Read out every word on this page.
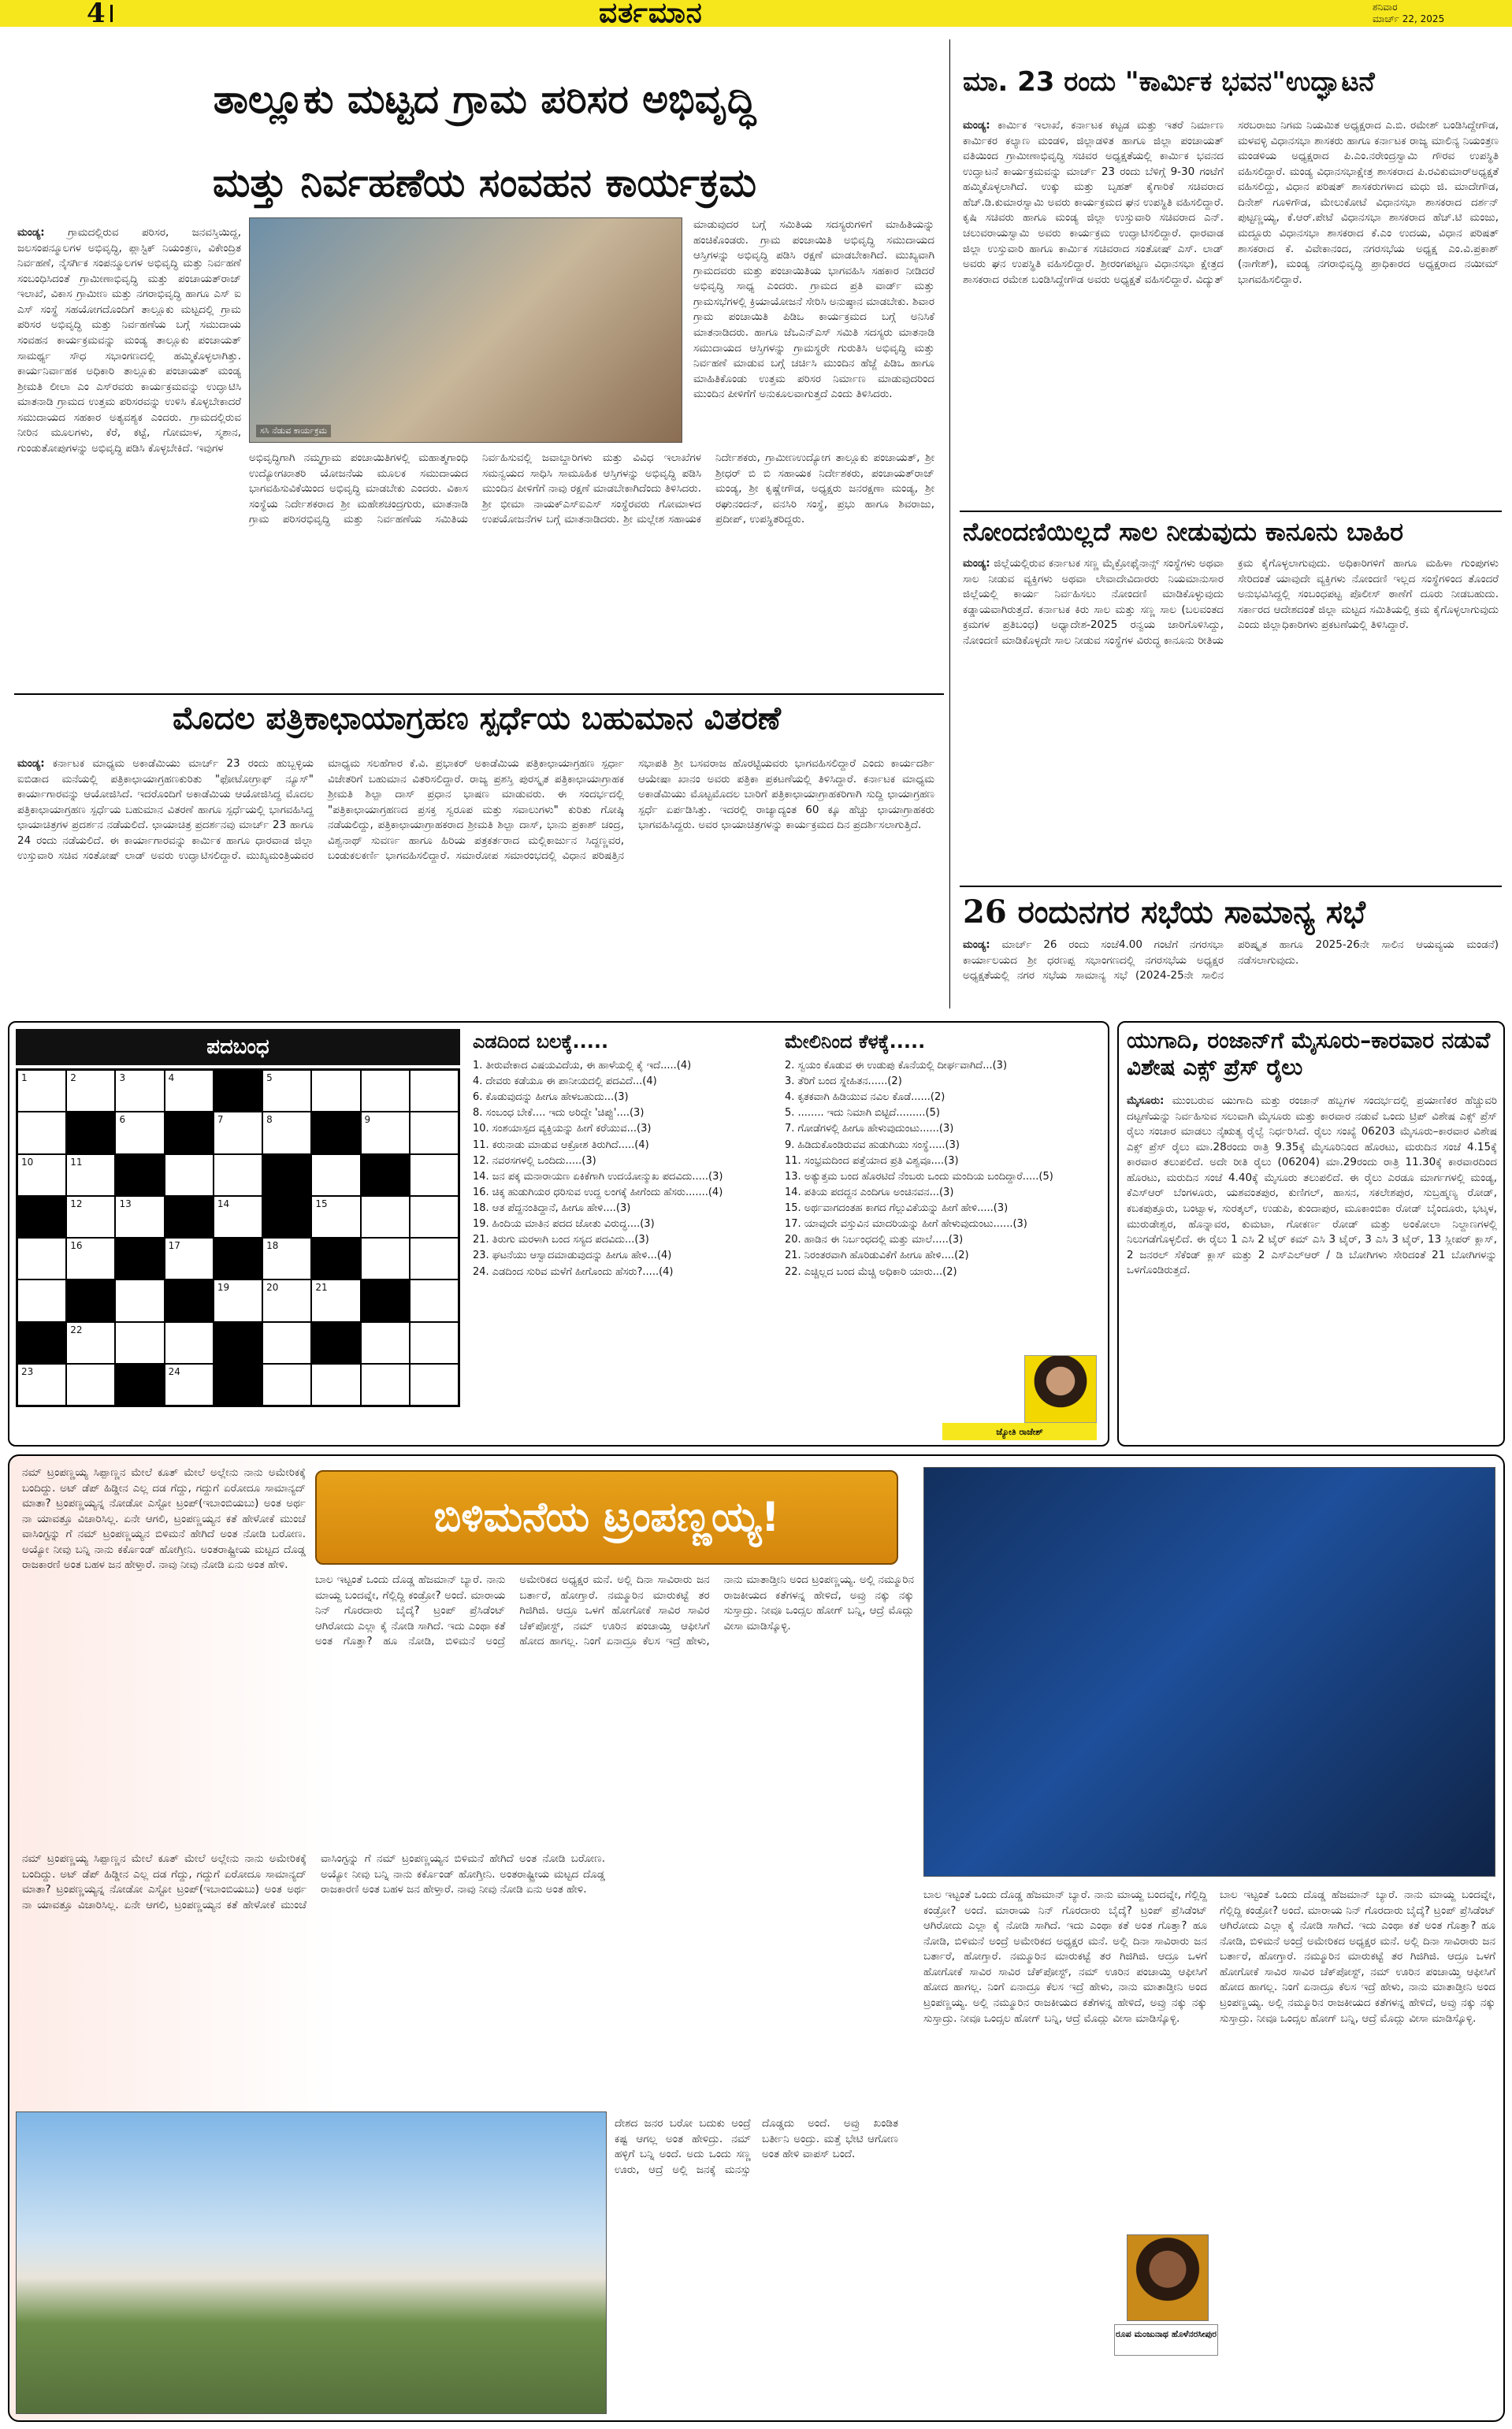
4	ವರ್ತಮಾನ	ಶನಿವಾರ
ಮಾರ್ಚ್ 22, 2025
ತಾಲ್ಲೂಕು ಮಟ್ಟದ ಗ್ರಾಮ ಪರಿಸರ ಅಭಿವೃದ್ಧಿ
ಮತ್ತು ನಿರ್ವಹಣೆಯ ಸಂವಹನ ಕಾರ್ಯಕ್ರಮ
ಮಂಡ್ಯ: ಗ್ರಾಮದಲ್ಲಿರುವ ಪರಿಸರ, ಜನವಸ್ತಿಯಿದ್ದ, ಜಲಸಂಪನ್ಮೂಲಗಳ ಅಭಿವೃದ್ಧಿ, ಪ್ಲಾಸ್ಟಿಕ್ ನಿಯಂತ್ರಣ, ವಿಕೇಂದ್ರಿತ ನಿರ್ವಹಣೆ, ನೈಸರ್ಗಿಕ ಸಂಪನ್ಮೂಲಗಳ ಅಭಿವೃದ್ಧಿ ಮತ್ತು ನಿರ್ವಹಣೆ ಸಂಬಂಧಿಸಿದಂತೆ ಗ್ರಾಮೀಣಾಭಿವೃದ್ಧಿ ಮತ್ತು ಪಂಚಾಯತ್‌ರಾಜ್ ಇಲಾಖೆ, ವಿಕಾಸ ಗ್ರಾಮೀಣ ಮತ್ತು ನಗರಾಭಿವೃದ್ಧಿ ಹಾಗೂ ಎಸ್ ಐ ಎಸ್ ಸಂಸ್ಥೆ ಸಹಯೋಗದೊಂದಿಗೆ ತಾಲ್ಲೂಕು ಮಟ್ಟದಲ್ಲಿ ಗ್ರಾಮ ಪರಿಸರ ಅಭಿವೃದ್ಧಿ ಮತ್ತು ನಿರ್ವಹಣೆಯ ಬಗ್ಗೆ ಸಮುದಾಯ ಸಂವಹನ ಕಾರ್ಯಕ್ರಮವನ್ನು ಮಂಡ್ಯ ತಾಲ್ಲೂಕು ಪಂಚಾಯತ್ ಸಾಮರ್ಥ್ಯ ಸೌಧ ಸಭಾಂಗಣದಲ್ಲಿ ಹಮ್ಮಿಕೊಳ್ಳಲಾಗಿತ್ತು. ಕಾರ್ಯನಿರ್ವಾಹಕ ಅಧಿಕಾರಿ ತಾಲ್ಲೂಕು ಪಂಚಾಯತ್ ಮಂಡ್ಯ ಶ್ರೀಮತಿ ಲೀಲಾ ಎಂ ಎಸ್‌ರವರು ಕಾರ್ಯಕ್ರಮವನ್ನು ಉದ್ಘಾಟಿಸಿ ಮಾತನಾಡಿ ಗ್ರಾಮದ ಉತ್ತಮ ಪರಿಸರವನ್ನು ಉಳಿಸಿ ಕೊಳ್ಳಬೇಕಾದರೆ ಸಮುದಾಯದ ಸಹಕಾರ ಅತ್ಯವಶ್ಯಕ ಎಂದರು. ಗ್ರಾಮದಲ್ಲಿರುವ ನೀರಿನ ಮೂಲಗಳು, ಕೆರೆ, ಕಟ್ಟೆ, ಗೋಮಾಳ, ಸ್ಮಶಾನ, ಗುಂಡುತೋಪುಗಳನ್ನು ಅಭಿವೃದ್ಧಿ ಪಡಿಸಿ ಕೊಳ್ಳಬೇಕಿದೆ. ಇವುಗಳ
ಸಸಿ ನೆಡುವ ಕಾರ್ಯಕ್ರಮ
ಅಭಿವೃದ್ಧಿಗಾಗಿ ನಮ್ಮಗ್ರಾಮ ಪಂಚಾಯಿತಿಗಳಲ್ಲಿ ಮಹಾತ್ಮಗಾಂಧಿ ಉದ್ಯೋಗಖಾತರಿ ಯೋಜನೆಯ ಮೂಲಕ ಸಮುದಾಯದ ಭಾಗವಹಿಸುವಿಕೆಯಿಂದ ಅಭಿವೃದ್ಧಿ ಮಾಡಬೇಕು ಎಂದರು. ವಿಕಾಸ ಸಂಸ್ಥೆಯ ನಿರ್ದೇಶಕರಾದ ಶ್ರೀ ಮಹೇಶಚಂದ್ರಗುರು, ಮಾತನಾಡಿ ಗ್ರಾಮ ಪರಿಸರಭಿವೃದ್ಧಿ ಮತ್ತು ನಿರ್ವಹಣೆಯ ಸಮಿತಿಯ ನಿರ್ವಹಿಸುವಲ್ಲಿ ಜವಾಬ್ದಾರಿಗಳು ಮತ್ತು ವಿವಿಧ ಇಲಾಖೆಗಳ ಸಮನ್ವಯದ ಸಾಧಿಸಿ ಸಾಮೂಹಿಕ ಆಸ್ತಿಗಳನ್ನು ಅಭಿವೃದ್ಧಿ ಪಡಿಸಿ ಮುಂದಿನ ಪೀಳಿಗೆಗೆ ನಾವು ರಕ್ಷಣೆ ಮಾಡಬೇಕಾಗಿದೆಂದು ತಿಳಿಸಿದರು. ಶ್ರೀ ಭೀಮಾ ನಾಯಕ್‌ಎಸ್‌ಐಎಸ್ ಸಂಸ್ಥೆರವರು ಗೋಮಾಳದ ಉಪಯೋಜನೆಗಳ ಬಗ್ಗೆ ಮಾತನಾಡಿದರು. ಶ್ರೀ ಮಲ್ಲೇಶ ಸಹಾಯಕ ನಿರ್ದೇಶಕರು, ಗ್ರಾಮೀಣಉದ್ಯೋಗ ತಾಲ್ಲೂಕು ಪಂಚಾಯತ್, ಶ್ರೀ ಶ್ರೀಧರ್ ಬಿ ಬಿ ಸಹಾಯಕ ನಿರ್ದೇಶಕರು, ಪಂಚಾಯತ್‌ರಾಜ್ ಮಂಡ್ಯ, ಶ್ರೀ ಕೃಷ್ಣೇಗೌಡ, ಅಧ್ಯಕ್ಷರು ಜನರಕ್ಷಣಾ ಮಂಡ್ಯ, ಶ್ರೀ ರಘುನಂದನ್, ವನಸಿರಿ ಸಂಸ್ಥೆ, ಪ್ರಭು ಹಾಗೂ ಶಿವರಾಜು, ಪ್ರದೀಪ್, ಉಪಸ್ಥಿತರಿದ್ದರು.
ಮಾಡುವುದರ ಬಗ್ಗೆ ಸಮಿತಿಯ ಸದಸ್ಯರುಗಳಿಗೆ ಮಾಹಿತಿಯನ್ನು ಹಂಚಿಕೊಂಡರು. ಗ್ರಾಮ ಪಂಚಾಯಿತಿ ಅಭಿವೃದ್ಧಿ ಸಮುದಾಯದ ಆಸ್ತಿಗಳನ್ನು ಅಭಿವೃದ್ಧಿ ಪಡಿಸಿ ರಕ್ಷಣೆ ಮಾಡಬೇಕಾಗಿದೆ. ಮುಖ್ಯವಾಗಿ ಗ್ರಾಮದವರು ಮತ್ತು ಪಂಚಾಯಿತಿಯ ಭಾಗವಹಿಸಿ ಸಹಕಾರ ನೀಡಿದರೆ ಅಭಿವೃದ್ಧಿ ಸಾಧ್ಯ ಎಂದರು. ಗ್ರಾಮದ ಪ್ರತಿ ವಾರ್ಡ್ ಮತ್ತು ಗ್ರಾಮಸಭೆಗಳಲ್ಲಿ ಕ್ರಿಯಾಯೋಜನೆ ಸೇರಿಸಿ ಅನುಷ್ಠಾನ ಮಾಡಬೇಕು. ಶಿವಾರ ಗ್ರಾಮ ಪಂಚಾಯಿತಿ ಪಿಡಿಒ ಕಾರ್ಯಕ್ರಮದ ಬಗ್ಗೆ ಅನಿಸಿಕೆ ಮಾತನಾಡಿದರು. ಹಾಗೂ ಜೆಒಎನ್‌ಎಸ್ ಸಮಿತಿ ಸದಸ್ಯರು ಮಾತನಾಡಿ ಸಮುದಾಯದ ಆಸ್ತಿಗಳನ್ನು ಗ್ರಾಮಸ್ಥರೇ ಗುರುತಿಸಿ ಅಭಿವೃದ್ಧಿ ಮತ್ತು ನಿರ್ವಹಣೆ ಮಾಡುವ ಬಗ್ಗೆ ಚರ್ಚಿಸಿ ಮುಂದಿನ ಹೆಜ್ಜೆ ಪಿಡಿಒ ಹಾಗೂ ಮಾಹಿತಿಕೊಂಡು ಉತ್ತಮ ಪರಿಸರ ನಿರ್ಮಾಣ ಮಾಡುವುದರಿಂದ ಮುಂದಿನ ಪೀಳಿಗೆಗೆ ಅನುಕೂಲವಾಗುತ್ತದೆ ಎಂದು ತಿಳಿಸಿದರು.
ಮೊದಲ ಪತ್ರಿಕಾಛಾಯಾಗ್ರಹಣ ಸ್ಪರ್ಧೆಯ ಬಹುಮಾನ ವಿತರಣೆ
ಮಂಡ್ಯ: ಕರ್ನಾಟಕ ಮಾಧ್ಯಮ ಅಕಾಡೆಮಿಯು ಮಾರ್ಚ್ 23 ರಂದು ಹುಬ್ಬಳ್ಳಿಯ ಐಬಿಡಾದ ಮನೆಯಲ್ಲಿ ಪತ್ರಿಕಾಛಾಯಾಗ್ರಹಣಕುರಿತು "ಫೋಟೋಗ್ರಾಫ್ ನ್ಯೂಸ್" ಕಾರ್ಯಾಗಾರವನ್ನು ಆಯೋಜಿಸಿದೆ. ಇದರೊಂದಿಗೆ ಅಕಾಡೆಮಿಯ ಆಯೋಜಿಸಿದ್ದ ಮೊದಲ ಪತ್ರಿಕಾಛಾಯಾಗ್ರಹಣ ಸ್ಪರ್ಧೆಯ ಬಹುಮಾನ ವಿತರಣೆ ಹಾಗೂ ಸ್ಪರ್ಧೆಯಲ್ಲಿ ಭಾಗವಹಿಸಿದ್ದ ಛಾಯಾಚಿತ್ರಗಳ ಪ್ರದರ್ಶನ ನಡೆಯಲಿದೆ. ಛಾಯಾಚಿತ್ರ ಪ್ರದರ್ಶನವು ಮಾರ್ಚ್ 23 ಹಾಗೂ 24 ರಂದು ನಡೆಯಲಿದೆ. ಈ ಕಾರ್ಯಾಗಾರವನ್ನು ಕಾರ್ಮಿಕ ಹಾಗೂ ಧಾರವಾಡ ಜಿಲ್ಲಾ ಉಸ್ತುವಾರಿ ಸಚಿವ ಸಂತೋಷ್ ಲಾಡ್ ಅವರು ಉದ್ಘಾಟಿಸಲಿದ್ದಾರೆ. ಮುಖ್ಯಮಂತ್ರಿಯವರ ಮಾಧ್ಯಮ ಸಲಹೆಗಾರ ಕೆ.ವಿ. ಪ್ರಭಾಕರ್ ಅಕಾಡೆಮಿಯ ಪತ್ರಿಕಾಛಾಯಾಗ್ರಹಣ ಸ್ಪರ್ಧಾ ವಿಜೇತರಿಗೆ ಬಹುಮಾನ ವಿತರಿಸಲಿದ್ದಾರೆ. ರಾಜ್ಯ ಪ್ರಶಸ್ತಿ ಪುರಸ್ಕೃತ ಪತ್ರಿಕಾಛಾಯಾಗ್ರಾಹಕ ಶ್ರೀಮತಿ ಶಿಲ್ಪಾ ದಾಸ್ ಪ್ರಧಾನ ಭಾಷಣ ಮಾಡುವರು. ಈ ಸಂದರ್ಭದಲ್ಲಿ "ಪತ್ರಿಕಾಛಾಯಾಗ್ರಹಣದ ಪ್ರಸಕ್ತ ಸ್ವರೂಪ ಮತ್ತು ಸವಾಲುಗಳು" ಕುರಿತು ಗೋಷ್ಠಿ ನಡೆಯಲಿದ್ದು, ಪತ್ರಿಕಾಛಾಯಾಗ್ರಾಹಕರಾದ ಶ್ರೀಮತಿ ಶಿಲ್ಪಾ ದಾಸ್, ಭಾನು ಪ್ರಕಾಶ್ ಚಂದ್ರ, ವಿಶ್ವನಾಥ್ ಸುವರ್ಣ ಹಾಗೂ ಹಿರಿಯ ಪತ್ರಕರ್ತರಾದ ಮಲ್ಲಿಕಾರ್ಜುನ ಸಿದ್ದಣ್ಣವರ, ಬಂಡುಕಲಕರ್ಣಿ ಭಾಗವಹಿಸಲಿದ್ದಾರೆ. ಸಮಾರೋಪ ಸಮಾರಂಭದಲ್ಲಿ ವಿಧಾನ ಪರಿಷತ್ತಿನ ಸಭಾಪತಿ ಶ್ರೀ ಬಸವರಾಜ ಹೊರಟ್ಟಿಯವರು ಭಾಗವಹಿಸಲಿದ್ದಾರೆ ಎಂದು ಕಾರ್ಯದರ್ಶಿ ಆಯೇಷಾ ಖಾನಂ ಅವರು ಪತ್ರಿಕಾ ಪ್ರಕಟಣೆಯಲ್ಲಿ ತಿಳಿಸಿದ್ದಾರೆ. ಕರ್ನಾಟಕ ಮಾಧ್ಯಮ ಅಕಾಡೆಮಿಯು ಮೊಟ್ಟಮೊದಲ ಬಾರಿಗೆ ಪತ್ರಿಕಾಛಾಯಾಗ್ರಾಹಕರಿಗಾಗಿ ಸುದ್ದಿ ಛಾಯಾಗ್ರಹಣ ಸ್ಪರ್ಧೆ ಏರ್ಪಡಿಸಿತ್ತು. ಇದರಲ್ಲಿ ರಾಜ್ಯಾದ್ಯಂತ 60 ಕ್ಕೂ ಹೆಚ್ಚು ಛಾಯಾಗ್ರಾಹಕರು ಭಾಗವಹಿಸಿದ್ದರು. ಅವರ ಛಾಯಾಚಿತ್ರಗಳನ್ನು ಕಾರ್ಯಕ್ರಮದ ದಿನ ಪ್ರದರ್ಶಿಸಲಾಗುತ್ತಿದೆ.
ಮಾ. 23 ರಂದು "ಕಾರ್ಮಿಕ ಭವನ"ಉದ್ಘಾಟನೆ
ಮಂಡ್ಯ: ಕಾರ್ಮಿಕ ಇಲಾಖೆ, ಕರ್ನಾಟಕ ಕಟ್ಟಡ ಮತ್ತು ಇತರೆ ನಿರ್ಮಾಣ ಕಾರ್ಮಿಕರ ಕಲ್ಯಾಣ ಮಂಡಳಿ, ಜಿಲ್ಲಾಡಳಿತ ಹಾಗೂ ಜಿಲ್ಲಾ ಪಂಚಾಯತ್ ವತಿಯಿಂದ ಗ್ರಾಮೀಣಾಭಿವೃದ್ಧಿ ಸಚಿವರ ಅಧ್ಯಕ್ಷತೆಯಲ್ಲಿ ಕಾರ್ಮಿಕ ಭವನದ ಉದ್ಘಾಟನೆ ಕಾರ್ಯಕ್ರಮವನ್ನು ಮಾರ್ಚ್ 23 ರಂದು ಬೆಳಿಗ್ಗೆ 9-30 ಗಂಟೆಗೆ ಹಮ್ಮಿಕೊಳ್ಳಲಾಗಿದೆ. ಉಕ್ಕು ಮತ್ತು ಬೃಹತ್ ಕೈಗಾರಿಕೆ ಸಚಿವರಾದ ಹೆಚ್.ಡಿ.ಕುಮಾರಸ್ವಾಮಿ ಅವರು ಕಾರ್ಯಕ್ರಮದ ಘನ ಉಪಸ್ಥಿತಿ ವಹಿಸಲಿದ್ದಾರೆ. ಕೃಷಿ ಸಚಿವರು ಹಾಗೂ ಮಂಡ್ಯ ಜಿಲ್ಲಾ ಉಸ್ತುವಾರಿ ಸಚಿವರಾದ ಎನ್. ಚಲುವರಾಯಸ್ವಾಮಿ ಅವರು ಕಾರ್ಯಕ್ರಮ ಉದ್ಘಾಟಿಸಲಿದ್ದಾರೆ. ಧಾರವಾಡ ಜಿಲ್ಲಾ ಉಸ್ತುವಾರಿ ಹಾಗೂ ಕಾರ್ಮಿಕ ಸಚಿವರಾದ ಸಂತೋಷ್ ಎಸ್. ಲಾಡ್ ಅವರು ಘನ ಉಪಸ್ಥಿತಿ ವಹಿಸಲಿದ್ದಾರೆ. ಶ್ರೀರಂಗಪಟ್ಟಣ ವಿಧಾನಸಭಾ ಕ್ಷೇತ್ರದ ಶಾಸಕರಾದ ರಮೇಶ ಬಂಡಿಸಿದ್ದೇಗೌಡ ಅವರು ಅಧ್ಯಕ್ಷತೆ ವಹಿಸಲಿದ್ದಾರೆ. ವಿದ್ಯುತ್ ಸರಬರಾಜು ನಿಗಮ ನಿಯಮಿತ ಅಧ್ಯಕ್ಷರಾದ ಎ.ಬಿ. ರಮೇಶ್ ಬಂಡಿಸಿದ್ದೇಗೌಡ, ಮಳವಳ್ಳಿ ವಿಧಾನಸಭಾ ಶಾಸಕರು ಹಾಗೂ ಕರ್ನಾಟಕ ರಾಜ್ಯ ಮಾಲಿನ್ಯ ನಿಯಂತ್ರಣ ಮಂಡಳಿಯ ಅಧ್ಯಕ್ಷರಾದ ಪಿ.ಎಂ.ನರೇಂದ್ರಸ್ವಾಮಿ ಗೌರವ ಉಪಸ್ಥಿತಿ ವಹಿಸಲಿದ್ದಾರೆ. ಮಂಡ್ಯ ವಿಧಾನಸಭಾಕ್ಷೇತ್ರ ಶಾಸಕರಾದ ಪಿ.ರವಿಕುಮಾರ್‌ಅಧ್ಯಕ್ಷತೆ ವಹಿಸಲಿದ್ದು, ವಿಧಾನ ಪರಿಷತ್ ಶಾಸಕರುಗಳಾದ ಮಧು ಜಿ. ಮಾದೇಗೌಡ, ದಿನೇಶ್ ಗೂಳಿಗೌಡ, ಮೇಲುಕೋಟೆ ವಿಧಾನಸಭಾ ಶಾಸಕರಾದ ದರ್ಶನ್ ಪುಟ್ಟಣ್ಣಯ್ಯ, ಕೆ.ಆರ್.ಪೇಟೆ ವಿಧಾನಸಭಾ ಶಾಸಕರಾದ ಹೆಚ್.ಟಿ ಮಂಜು, ಮದ್ದೂರು ವಿಧಾನಸಭಾ ಶಾಸಕರಾದ ಕೆ.ಎಂ ಉದಯ, ವಿಧಾನ ಪರಿಷತ್ ಶಾಸಕರಾದ ಕೆ. ವಿವೇಕಾನಂದ, ನಗರಸಭೆಯ ಅಧ್ಯಕ್ಷ ಎಂ.ವಿ.ಪ್ರಕಾಶ್ (ನಾಗೇಶ್), ಮಂಡ್ಯ ನಗರಾಭಿವೃದ್ಧಿ ಪ್ರಾಧಿಕಾರದ ಅಧ್ಯಕ್ಷರಾದ ನಯೀಮ್ ಭಾಗವಹಿಸಲಿದ್ದಾರೆ.
ನೋಂದಣಿಯಿಲ್ಲದೆ ಸಾಲ ನೀಡುವುದು ಕಾನೂನು ಬಾಹಿರ
ಮಂಡ್ಯ: ಜಿಲ್ಲೆಯಲ್ಲಿರುವ ಕರ್ನಾಟಕ ಸಣ್ಣ ಮೈಕ್ರೋಫೈನಾನ್ಸ್ ಸಂಸ್ಥೆಗಳು ಅಥವಾ ಸಾಲ ನೀಡುವ ವ್ಯಕ್ತಿಗಳು ಅಥವಾ ಲೇವಾದೇವಿದಾರರು ನಿಯಮಾನುಸಾರ ಜಿಲ್ಲೆಯಲ್ಲಿ ಕಾರ್ಯ ನಿರ್ವಹಿಸಲು ನೋಂದಣಿ ಮಾಡಿಕೊಳ್ಳುವುದು ಕಡ್ಡಾಯವಾಗಿರುತ್ತದೆ. ಕರ್ನಾಟಕ ಕಿರು ಸಾಲ ಮತ್ತು ಸಣ್ಣ ಸಾಲ (ಬಲವಂತದ ಕ್ರಮಗಳ ಪ್ರತಿಬಂಧ) ಅಧ್ಯಾದೇಶ-2025 ರನ್ವಯ ಜಾರಿಗೊಳಿಸಿದ್ದು, ನೋಂದಣಿ ಮಾಡಿಕೊಳ್ಳದೇ ಸಾಲ ನೀಡುವ ಸಂಸ್ಥೆಗಳ ವಿರುದ್ಧ ಕಾನೂನು ರೀತಿಯ ಕ್ರಮ ಕೈಗೊಳ್ಳಲಾಗುವುದು. ಅಧಿಕಾರಿಗಳಿಗೆ ಹಾಗೂ ಮಹಿಳಾ ಗುಂಪುಗಳು ಸೇರಿದಂತೆ ಯಾವುದೇ ವ್ಯಕ್ತಿಗಳು ನೋಂದಣಿ ಇಲ್ಲದ ಸಂಸ್ಥೆಗಳಿಂದ ತೊಂದರೆ ಅನುಭವಿಸಿದ್ದಲ್ಲಿ ಸಂಬಂಧಪಟ್ಟ ಪೊಲೀಸ್ ಠಾಣೆಗೆ ದೂರು ನೀಡಬಹುದು. ಸರ್ಕಾರದ ಆದೇಶದಂತೆ ಜಿಲ್ಲಾ ಮಟ್ಟದ ಸಮಿತಿಯಲ್ಲಿ ಕ್ರಮ ಕೈಗೊಳ್ಳಲಾಗುವುದು ಎಂದು ಜಿಲ್ಲಾಧಿಕಾರಿಗಳು ಪ್ರಕಟಣೆಯಲ್ಲಿ ತಿಳಿಸಿದ್ದಾರೆ.
26 ರಂದುನಗರ ಸಭೆಯ ಸಾಮಾನ್ಯ ಸಭೆ
ಮಂಡ್ಯ: ಮಾರ್ಚ್ 26 ರಂದು ಸಂಜೆ4.00 ಗಂಟೆಗೆ ನಗರಸಭಾ ಕಾರ್ಯಾಲಯದ ಶ್ರೀ ಧರಣಪ್ಪ ಸಭಾಂಗಣದಲ್ಲಿ ನಗರಸಭೆಯ ಅಧ್ಯಕ್ಷರ ಅಧ್ಯಕ್ಷತೆಯಲ್ಲಿ ನಗರ ಸಭೆಯ ಸಾಮಾನ್ಯ ಸಭೆ (2024-25ನೇ ಸಾಲಿನ ಪರಿಷ್ಕೃತ ಹಾಗೂ 2025-26ನೇ ಸಾಲಿನ ಆಯವ್ಯಯ ಮಂಡನೆ) ನಡೆಸಲಾಗುವುದು.
ಪದಬಂಧ
1	2	3	4	5
6	7	8	9
10	11
12	13	14	15
16	17	18
19	20	21
22
23	24
ಎಡದಿಂದ ಬಲಕ್ಕೆ.....
1. ತೀರುವೇಕಾದ ವಿಷಯವಿದೆಯ, ಈ ಹಾಳೆಯಲ್ಲಿ ಕೈ ಇದೆ.....(4)
4. ದೇವರು ಕಡೆಯೂ ಈ ಪಾನೀಯದಲ್ಲಿ ಪದವಿದೆ...(4)
6. ಕೊಡುವುದನ್ನು ಹೀಗೂ ಹೇಳಬಹುದು...(3)
8. ಸಂಬಂಧ ಬೇಕೆ.... ಇದು ಅರಿದ್ದೇ 'ಚಿಪ್ಪು'....(3)
10. ಸಂಶಯಾಸ್ಪದ ವ್ಯಕ್ತಿಯನ್ನು ಹೀಗೆ ಕರೆಯುವ...(3)
11. ಕರುನಾಡು ಮಾಡುವ ಆಕ್ರೋಶ ತಿರುಗಿದೆ.....(4)
12. ನವರಸಗಳಲ್ಲಿ ಒಂದಿದು.....(3)
14. ಜನ ಪಕ್ಕ ಮನಾರಾಯಣ ಏಕಿಕೆಗಾಗಿ ಉದಯೋನ್ಮುಖ ಪದವಿದು.....(3)
16. ಚಿಕ್ಕ ಹುಡುಗಿಯರ ಧರಿಸುವ ಉದ್ದ ಲಂಗಕ್ಕೆ ಹೀಗೆಂದು ಹೆಸರು.......(4)
18. ಆತ ಪೆದ್ದನಂತಿದ್ದಾನೆ, ಹೀಗೂ ಹೇಳಿ....(3)
19. ಹಿಂದಿಯ ಮಾತಿನ ಪದದ ಜೋತು ವಿರುದ್ಧ....(3)
21. ತಿರುಗು ಮರಳಾಗಿ ಬಂದ ಸಸ್ಯದ ಪದವಿದು...(3)
23. ಘಟನೆಯು ಆಸ್ವಾದಮಾಡುವುದನ್ನು ಹೀಗೂ ಹೇಳಿ...(4)
24. ಎಡದಿಂದ ಸುರಿವ ಮಳೆಗೆ ಹೀಗೊಂದು ಹೆಸರು?.....(4)
ಮೇಲಿನಿಂದ ಕೆಳಕ್ಕೆ.....
2. ಸ್ವಯಂ ಕೊಡುವ ಈ ಉಡುಪು ಕೊನೆಯಲ್ಲಿ ದೀರ್ಘವಾಗಿದೆ...(3)
3. ತೆರಿಗೆ ಬಂದ ಸ್ನೇಹಿತನ......(2)
4. ಕೃತಕವಾಗಿ ಹಿಡಿಯುವ ನವಿಲ ಕೊಡೆ......(2)
5. ........ ಇದು ನಿಮಾಗಿ ಬಿಟ್ಟಿದೆ.........(5)
7. ಗೋಡೆಗಳಲ್ಲಿ ಹೀಗೂ ಹೇಳುವುದುಂಟು......(3)
9. ಹಿಡಿದುಕೊಂಡಿರುವವ ಹುಡುಗಿಯು ಸಂಸ್ಥೆ.....(3)
11. ಸಂಭ್ರಮದಿಂದ ಪತ್ತೆಯಾದ ಪ್ರತಿ ವಿಶ್ವವೂ....(3)
13. ಅತ್ಯುತ್ತಮ ಬಂದ ಹೊರಟಿದೆ ನೆಂಬರು ಒಂದು ಮಂದಿಯ ಬಂದಿದ್ದಾರೆ.....(5)
14. ಪತಿಯ ಪದದ್ದನ ಎಂದಿಗೂ ಅಂಚಿನವನ...(3)
15. ಅರ್ಥವಾಗದಂತಹ ಕಾಗದ ಗೆಲ್ಲುವಿಕೆಯನ್ನು ಹೀಗೆ ಹೇಳಿ.....(3)
17. ಯಾವುದೇ ವಸ್ತುವಿನ ಮಾದರಿಯನ್ನು ಹೀಗೆ ಹೇಳುವುದುಂಟು......(3)
20. ಹಾಡಿನ ಈ ನಿರ್ಬಂಧದಲ್ಲಿ ಮತ್ತು ಮಾಲೆ.....(3)
21. ನಿರಂತರವಾಗಿ ಹೊರಿಡುವಿಕೆಗೆ ಹೀಗೂ ಹೇಳಿ....(2)
22. ಎಚ್ಚಿಲ್ಲದ ಬಂದ ಮೆಚ್ಚಿ ಅಧಿಕಾರಿ ಯಾರು...(2)
ಜ್ಯೋತಿ ರಾಜೇಶ್
ಯುಗಾದಿ, ರಂಜಾನ್‌ಗೆ ಮೈಸೂರು–ಕಾರವಾರ ನಡುವೆ ವಿಶೇಷ ಎಕ್ಸ್ ಪ್ರೆಸ್ ರೈಲು
ಮೈಸೂರು: ಮುಂಬರುವ ಯುಗಾದಿ ಮತ್ತು ರಂಜಾನ್ ಹಬ್ಬಗಳ ಸಂದರ್ಭದಲ್ಲಿ ಪ್ರಯಾಣಿಕರ ಹೆಚ್ಚುವರಿ ದಟ್ಟಣೆಯನ್ನು ನಿರ್ವಹಿಸುವ ಸಲುವಾಗಿ ಮೈಸೂರು ಮತ್ತು ಕಾರವಾರ ನಡುವೆ ಒಂದು ಟ್ರಿಪ್ ವಿಶೇಷ ಎಕ್ಸ್ ಪ್ರೆಸ್ ರೈಲು ಸಂಚಾರ ಮಾಡಲು ನೈಋತ್ಯ ರೈಲ್ವೆ ನಿರ್ಧರಿಸಿದೆ. ರೈಲು ಸಂಖ್ಯೆ 06203 ಮೈಸೂರು–ಕಾರವಾರ ವಿಶೇಷ ಎಕ್ಸ್ ಪ್ರೆಸ್ ರೈಲು ಮಾ.28ರಂದು ರಾತ್ರಿ 9.35ಕ್ಕೆ ಮೈಸೂರಿನಿಂದ ಹೊರಟು, ಮರುದಿನ ಸಂಜೆ 4.15ಕ್ಕೆ ಕಾರವಾರ ತಲುಪಲಿದೆ. ಅದೇ ರೀತಿ ರೈಲು (06204) ಮಾ.29ರಂದು ರಾತ್ರಿ 11.30ಕ್ಕೆ ಕಾರವಾರದಿಂದ ಹೊರಟು, ಮರುದಿನ ಸಂಜೆ 4.40ಕ್ಕೆ ಮೈಸೂರು ತಲುಪಲಿದೆ. ಈ ರೈಲು ಎರಡೂ ಮಾರ್ಗಗಳಲ್ಲಿ ಮಂಡ್ಯ, ಕೆಎಸ್‌ಆರ್ ಬೆಂಗಳೂರು, ಯಶವಂತಪುರ, ಕುಣಿಗಲ್, ಹಾಸನ, ಸಕಲೇಶಪುರ, ಸುಬ್ರಹ್ಮಣ್ಯ ರೋಡ್, ಕಬಕಪುತ್ತೂರು, ಬಂಟ್ವಾಳ, ಸುರತ್ಕಲ್, ಉಡುಪಿ, ಕುಂದಾಪುರ, ಮೂಕಾಂಬಿಕಾ ರೋಡ್ ಬೈಂದೂರು, ಭಟ್ಕಳ, ಮುರುಡೇಶ್ವರ, ಹೊನ್ನಾವರ, ಕುಮಟಾ, ಗೋಕರ್ಣ ರೋಡ್ ಮತ್ತು ಅಂಕೋಲಾ ನಿಲ್ದಾಣಗಳಲ್ಲಿ ನಿಲುಗಡೆಗೊಳ್ಳಲಿದೆ. ಈ ರೈಲು 1 ಎಸಿ 2 ಟೈರ್ ಕಮ್ ಎಸಿ 3 ಟೈರ್, 3 ಎಸಿ 3 ಟೈರ್, 13 ಸ್ಲೀಪರ್ ಕ್ಲಾಸ್, 2 ಜನರಲ್ ಸೆಕೆಂಡ್ ಕ್ಲಾಸ್ ಮತ್ತು 2 ಎಸ್‌ಎಲ್‌ಆರ್ / ಡಿ ಬೋಗಿಗಳು ಸೇರಿದಂತೆ 21 ಬೋಗಿಗಳನ್ನು ಒಳಗೊಂಡಿರುತ್ತದೆ.
ಬಿಳಿಮನೆಯ ಟ್ರಂಪಣ್ಣಯ್ಯ!
ನಮ್ ಟ್ರಂಪಣ್ಣಯ್ಯ ಸಿಪ್ಪಾಣ್ಣನ ಮೇಲೆ ಕೂತ್ ಮೇಲೆ ಅಲ್ಲೇನು ನಾನು ಅಮೇರಿಕಕ್ಕೆ ಬಂದಿದ್ದು. ಅಟ್ ಡೆಪ್ ಹಿಡ್ಡೀನ ಎಲ್ಲ ದಡ ಗೆದ್ದು, ಗದ್ದುಗೆ ಏರೋದೂ ಸಾಮಾನ್ಯದ್ ಮಾತಾ? ಟ್ರಂಪಣ್ಣಯ್ಯನ್ನ ನೋಡೋ ಎಸ್ಟೋ ಟ್ರಂಪ್(ಇಬಾಂಬಿಯಬು) ಅಂತ ಅರ್ಥ ನಾ ಯಾವತ್ತೂ ವಿಚಾರಿಸಿಲ್ಲ. ಏನೇ ಆಗಲಿ, ಟ್ರಂಪಣ್ಣಯ್ಯನ ಕತೆ ಹೇಳೋಕೆ ಮುಂಚೆ ವಾಸಿಂಗ್ಟನ್ನು ಗೆ ನಮ್ ಟ್ರಂಪಣ್ಣಯ್ಯನ ಬಿಳಿಮನೆ ಹೇಗಿದೆ ಅಂತ ನೋಡಿ ಬರೋಣ. ಅಯ್ಯೋ ನೀವು ಬನ್ನಿ ನಾನು ಕರ್ಕೊಂಡ್ ಹೋಗ್ತೀನಿ. ಅಂತರಾಷ್ಟ್ರೀಯ ಮಟ್ಟದ ದೊಡ್ಡ ರಾಜಕಾರಣಿ ಅಂತ ಬಹಳ ಜನ ಹೇಳ್ತಾರೆ. ನಾವು ನೀವು ನೋಡಿ ಏನು ಅಂತ ಹೇಳಿ.
ಬಾಲ ಇಟ್ಟಂತೆ ಒಂದು ದೊಡ್ಡ ಹೆಜಮಾನ್ ಬ್ಯಾರೆ. ನಾನು ಮಾಯ್ದ ಬಂದವ್ನೇ, ಗೆಲ್ಲಿದ್ದಿ ಕಂಡ್ರೋ? ಅಂದೆ. ಮಾರಾಯ ನಿನ್ ಗೊರದಾರು ಬೈದ್ಕೆ? ಟ್ರಂಪ್ ಪ್ರೆಸಿಡೆಂಟ್ ಆಗಿರೋದು ಎಲ್ಲಾ ಕೈ ನೋಡಿ ಸಾಗಿದೆ. ಇದು ಎಂಥಾ ಕತೆ ಅಂತ ಗೊತ್ತಾ? ಹೂ ನೋಡಿ, ಬಿಳಿಮನೆ ಅಂದ್ರೆ ಅಮೇರಿಕದ ಅಧ್ಯಕ್ಷರ ಮನೆ. ಅಲ್ಲಿ ದಿನಾ ಸಾವಿರಾರು ಜನ ಬರ್ತಾರೆ, ಹೋಗ್ತಾರೆ. ನಮ್ಮೂರಿನ ಮಾರುಕಟ್ಟೆ ತರ ಗಿಜಿಗಿಜಿ. ಆದ್ರೂ ಒಳಗೆ ಹೋಗೋಕೆ ಸಾವಿರ ಸಾವಿರ ಚೆಕ್‌ಪೋಸ್ಟ್, ನಮ್ ಊರಿನ ಪಂಚಾಯ್ತಿ ಆಫೀಸಿಗೆ ಹೋದ ಹಾಗಲ್ಲ. ನಿಂಗೆ ಏನಾದ್ರೂ ಕೆಲಸ ಇದ್ರೆ ಹೇಳು, ನಾನು ಮಾತಾಡ್ತೀನಿ ಅಂದ ಟ್ರಂಪಣ್ಣಯ್ಯ. ಅಲ್ಲಿ ನಮ್ಮೂರಿನ ರಾಜಕೀಯದ ಕತೆಗಳನ್ನ ಹೇಳಿದೆ, ಅವ್ರು ನಕ್ಕು ನಕ್ಕು ಸುಸ್ತಾದ್ರು. ನೀವೂ ಒಂದ್ಸಲ ಹೋಗ್ ಬನ್ನಿ, ಆದ್ರೆ ಮೊದ್ಲು ವೀಸಾ ಮಾಡಿಸ್ಕೊಳ್ಳಿ.
ನಮ್ ಟ್ರಂಪಣ್ಣಯ್ಯ ಸಿಪ್ಪಾಣ್ಣನ ಮೇಲೆ ಕೂತ್ ಮೇಲೆ ಅಲ್ಲೇನು ನಾನು ಅಮೇರಿಕಕ್ಕೆ ಬಂದಿದ್ದು. ಅಟ್ ಡೆಪ್ ಹಿಡ್ಡೀನ ಎಲ್ಲ ದಡ ಗೆದ್ದು, ಗದ್ದುಗೆ ಏರೋದೂ ಸಾಮಾನ್ಯದ್ ಮಾತಾ? ಟ್ರಂಪಣ್ಣಯ್ಯನ್ನ ನೋಡೋ ಎಸ್ಟೋ ಟ್ರಂಪ್(ಇಬಾಂಬಿಯಬು) ಅಂತ ಅರ್ಥ ನಾ ಯಾವತ್ತೂ ವಿಚಾರಿಸಿಲ್ಲ. ಏನೇ ಆಗಲಿ, ಟ್ರಂಪಣ್ಣಯ್ಯನ ಕತೆ ಹೇಳೋಕೆ ಮುಂಚೆ ವಾಸಿಂಗ್ಟನ್ನು ಗೆ ನಮ್ ಟ್ರಂಪಣ್ಣಯ್ಯನ ಬಿಳಿಮನೆ ಹೇಗಿದೆ ಅಂತ ನೋಡಿ ಬರೋಣ. ಅಯ್ಯೋ ನೀವು ಬನ್ನಿ ನಾನು ಕರ್ಕೊಂಡ್ ಹೋಗ್ತೀನಿ. ಅಂತರಾಷ್ಟ್ರೀಯ ಮಟ್ಟದ ದೊಡ್ಡ ರಾಜಕಾರಣಿ ಅಂತ ಬಹಳ ಜನ ಹೇಳ್ತಾರೆ. ನಾವು ನೀವು ನೋಡಿ ಏನು ಅಂತ ಹೇಳಿ.
ದೇಶದ ಜನರ ಬರೋ ಬದುಕು ಅಂದ್ರೆ ಕಷ್ಟ ಆಗಲ್ಲ ಅಂತ ಹೇಳಿದ್ರು. ನಮ್ ಹಳ್ಳಿಗೆ ಬನ್ನಿ ಅಂದೆ. ಅದು ಒಂದು ಸಣ್ಣ ಊರು, ಆದ್ರೆ ಅಲ್ಲಿ ಜನಕ್ಕೆ ಮನಸ್ಸು ದೊಡ್ಡದು ಅಂದೆ. ಅವ್ರು ಖಂಡಿತ ಬರ್ತೀನಿ ಅಂದ್ರು. ಮತ್ತೆ ಭೇಟಿ ಆಗೋಣ ಅಂತ ಹೇಳಿ ವಾಪಸ್ ಬಂದೆ.
ಬಾಲ ಇಟ್ಟಂತೆ ಒಂದು ದೊಡ್ಡ ಹೆಜಮಾನ್ ಬ್ಯಾರೆ. ನಾನು ಮಾಯ್ದ ಬಂದವ್ನೇ, ಗೆಲ್ಲಿದ್ದಿ ಕಂಡ್ರೋ? ಅಂದೆ. ಮಾರಾಯ ನಿನ್ ಗೊರದಾರು ಬೈದ್ಕೆ? ಟ್ರಂಪ್ ಪ್ರೆಸಿಡೆಂಟ್ ಆಗಿರೋದು ಎಲ್ಲಾ ಕೈ ನೋಡಿ ಸಾಗಿದೆ. ಇದು ಎಂಥಾ ಕತೆ ಅಂತ ಗೊತ್ತಾ? ಹೂ ನೋಡಿ, ಬಿಳಿಮನೆ ಅಂದ್ರೆ ಅಮೇರಿಕದ ಅಧ್ಯಕ್ಷರ ಮನೆ. ಅಲ್ಲಿ ದಿನಾ ಸಾವಿರಾರು ಜನ ಬರ್ತಾರೆ, ಹೋಗ್ತಾರೆ. ನಮ್ಮೂರಿನ ಮಾರುಕಟ್ಟೆ ತರ ಗಿಜಿಗಿಜಿ. ಆದ್ರೂ ಒಳಗೆ ಹೋಗೋಕೆ ಸಾವಿರ ಸಾವಿರ ಚೆಕ್‌ಪೋಸ್ಟ್, ನಮ್ ಊರಿನ ಪಂಚಾಯ್ತಿ ಆಫೀಸಿಗೆ ಹೋದ ಹಾಗಲ್ಲ. ನಿಂಗೆ ಏನಾದ್ರೂ ಕೆಲಸ ಇದ್ರೆ ಹೇಳು, ನಾನು ಮಾತಾಡ್ತೀನಿ ಅಂದ ಟ್ರಂಪಣ್ಣಯ್ಯ. ಅಲ್ಲಿ ನಮ್ಮೂರಿನ ರಾಜಕೀಯದ ಕತೆಗಳನ್ನ ಹೇಳಿದೆ, ಅವ್ರು ನಕ್ಕು ನಕ್ಕು ಸುಸ್ತಾದ್ರು. ನೀವೂ ಒಂದ್ಸಲ ಹೋಗ್ ಬನ್ನಿ, ಆದ್ರೆ ಮೊದ್ಲು ವೀಸಾ ಮಾಡಿಸ್ಕೊಳ್ಳಿ.
ಬಾಲ ಇಟ್ಟಂತೆ ಒಂದು ದೊಡ್ಡ ಹೆಜಮಾನ್ ಬ್ಯಾರೆ. ನಾನು ಮಾಯ್ದ ಬಂದವ್ನೇ, ಗೆಲ್ಲಿದ್ದಿ ಕಂಡ್ರೋ? ಅಂದೆ. ಮಾರಾಯ ನಿನ್ ಗೊರದಾರು ಬೈದ್ಕೆ? ಟ್ರಂಪ್ ಪ್ರೆಸಿಡೆಂಟ್ ಆಗಿರೋದು ಎಲ್ಲಾ ಕೈ ನೋಡಿ ಸಾಗಿದೆ. ಇದು ಎಂಥಾ ಕತೆ ಅಂತ ಗೊತ್ತಾ? ಹೂ ನೋಡಿ, ಬಿಳಿಮನೆ ಅಂದ್ರೆ ಅಮೇರಿಕದ ಅಧ್ಯಕ್ಷರ ಮನೆ. ಅಲ್ಲಿ ದಿನಾ ಸಾವಿರಾರು ಜನ ಬರ್ತಾರೆ, ಹೋಗ್ತಾರೆ. ನಮ್ಮೂರಿನ ಮಾರುಕಟ್ಟೆ ತರ ಗಿಜಿಗಿಜಿ. ಆದ್ರೂ ಒಳಗೆ ಹೋಗೋಕೆ ಸಾವಿರ ಸಾವಿರ ಚೆಕ್‌ಪೋಸ್ಟ್, ನಮ್ ಊರಿನ ಪಂಚಾಯ್ತಿ ಆಫೀಸಿಗೆ ಹೋದ ಹಾಗಲ್ಲ. ನಿಂಗೆ ಏನಾದ್ರೂ ಕೆಲಸ ಇದ್ರೆ ಹೇಳು, ನಾನು ಮಾತಾಡ್ತೀನಿ ಅಂದ ಟ್ರಂಪಣ್ಣಯ್ಯ. ಅಲ್ಲಿ ನಮ್ಮೂರಿನ ರಾಜಕೀಯದ ಕತೆಗಳನ್ನ ಹೇಳಿದೆ, ಅವ್ರು ನಕ್ಕು ನಕ್ಕು ಸುಸ್ತಾದ್ರು. ನೀವೂ ಒಂದ್ಸಲ ಹೋಗ್ ಬನ್ನಿ, ಆದ್ರೆ ಮೊದ್ಲು ವೀಸಾ ಮಾಡಿಸ್ಕೊಳ್ಳಿ.
ರೂಪ ಮಂಜುನಾಥ ಹೊಳೆನರಸೀಪುರ
